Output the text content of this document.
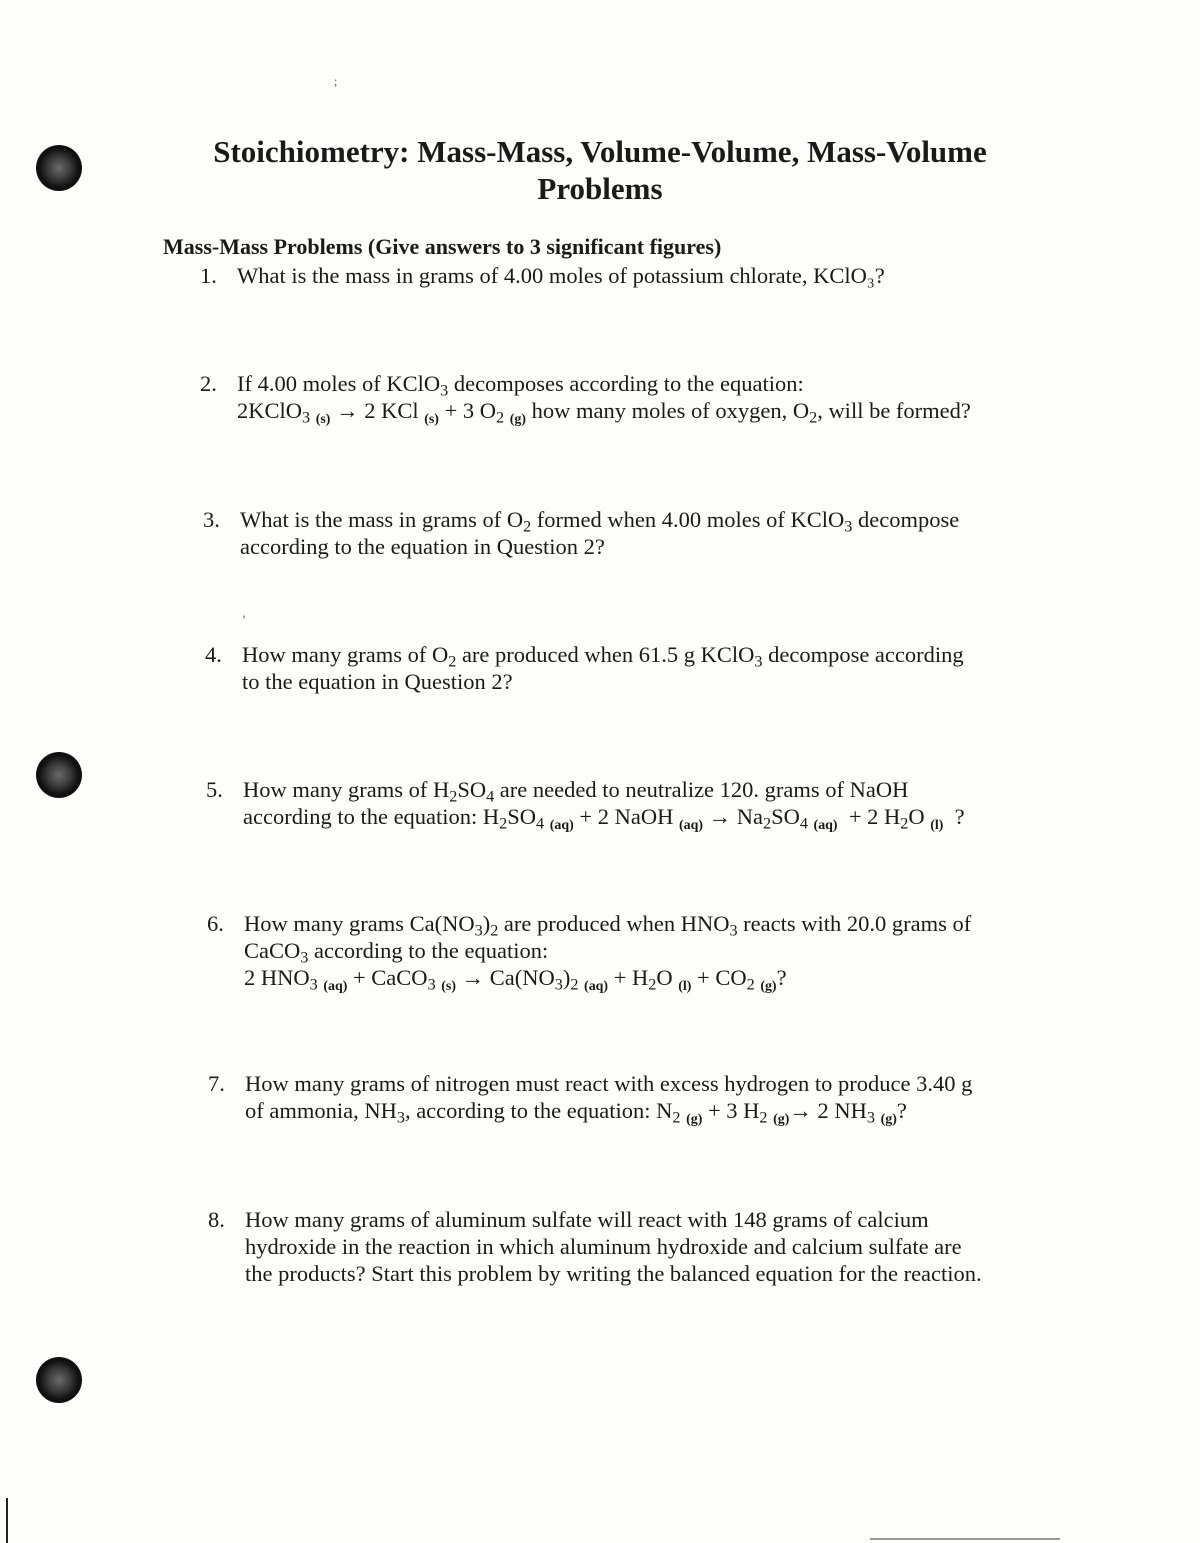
;
Stoichiometry: Mass-Mass, Volume-Volume, Mass-Volume
Problems
Mass-Mass Problems (Give answers to 3 significant figures)
1. What is the mass in grams of 4.00 moles of potassium chlorate, KClO₃?
2. If 4.00 moles of KClO$_3$ decomposes according to the equation:
2KClO$_3$ $_{(s)}$ → 2 KCl $_{(s)}$ + 3 $O_2$ $_{(g)}$ how many moles of oxygen, $O_2$, will be formed?
3. What is the mass in grams of $O_2$ formed when 4.00 moles of KClO$_3$ decompose
according to the equation in Question 2?
’
4. How many grams of $O_2$ are produced when 61.5 g KClO$_3$ decompose according
to the equation in Question 2?
5. How many grams of $H_2SO_4$ are needed to neutralize 120. grams of NaOH
according to the equation: $H_2SO_4$ $_{(aq)}$ + 2 NaOH $_{(aq)} \to Na_2SO_4$ $_{(aq)}$  + 2 $H_2O$ $_{(l)}$  ?
6. How many grams $Ca(NO_3)_2$ are produced when $HNO_3$ reacts with 20.0 grams of
CaCO$_3$ according to the equation:
2 $HNO_3$ $_{(aq)}$ + CaCO$_3$ $_{(s)} \to Ca(NO_3)_2$ $_{(aq)} + H_2O$ $_{(l)} + CO_2$ $_{(g)}$?
7. How many grams of nitrogen must react with excess hydrogen to produce 3.40 g
of ammonia, $NH_3$, according to the equation: $N_2$ $_{(g)}$ + 3 $H_2$ $_{(g)}$→ 2 $NH_3$ $_{(g)}$?
8. How many grams of aluminum sulfate will react with 148 grams of calcium
hydroxide in the reaction in which aluminum hydroxide and calcium sulfate are
the products? Start this problem by writing the balanced equation for the reaction.
